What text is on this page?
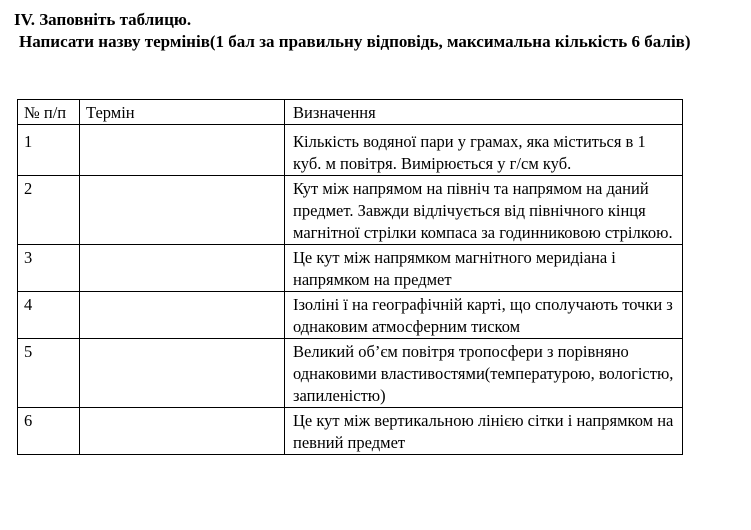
IV. Заповніть таблицю.
Написати назву термінів(1 бал за правильну відповідь, максимальна кількість 6 балів)
№ п/п	Термін	Визначення
1		Кількість водяної пари у грамах, яка міститься в 1 куб. м повітря. Вимірюється у г/см куб.
2		Кут між напрямом на північ та напрямом на даний предмет. Завжди відлічується від північного кінця магнітної стрілки компаса за годинниковою стрілкою.
3		Це кут між напрямком магнітного меридіана і напрямком на предмет
4		Ізоліні ї на географічній карті, що сполучають точки з однаковим атмосферним тиском
5		Великий об’єм повітря тропосфери з порівняно однаковими властивостями(температурою, вологістю, запиленістю)
6		Це кут між вертикальною лінією сітки і напрямком на певний предмет
